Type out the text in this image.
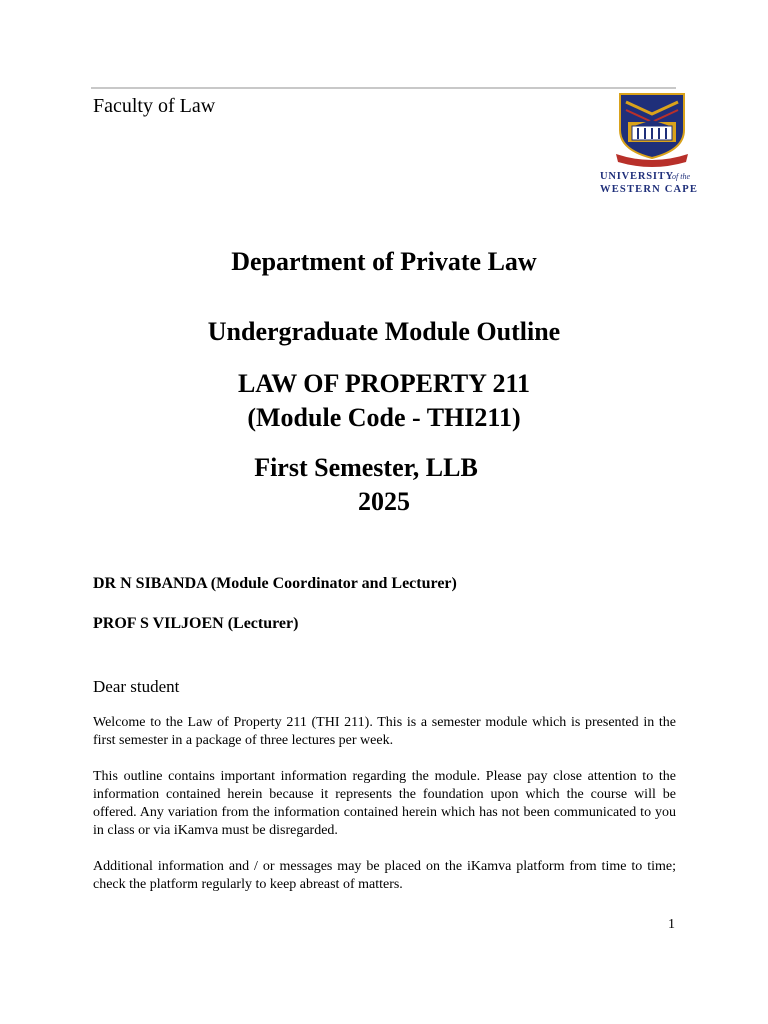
Faculty of Law
UNIVERSITY
of the
WESTERN CAPE
Department of Private Law
Undergraduate Module Outline
LAW OF PROPERTY 211
(Module Code - THI211)
First Semester, LLB
2025
DR N SIBANDA (Module Coordinator and Lecturer)
PROF S VILJOEN (Lecturer)
Dear student
Welcome to the Law of Property 211 (THI 211). This is a semester module which is presented in the first semester in a package of three lectures per week.
This outline contains important information regarding the module. Please pay close attention to the information contained herein because it represents the foundation upon which the course will be offered. Any variation from the information contained herein which has not been communicated to you in class or via iKamva must be disregarded.
Additional information and / or messages may be placed on the iKamva platform from time to time; check the platform regularly to keep abreast of matters.
1
